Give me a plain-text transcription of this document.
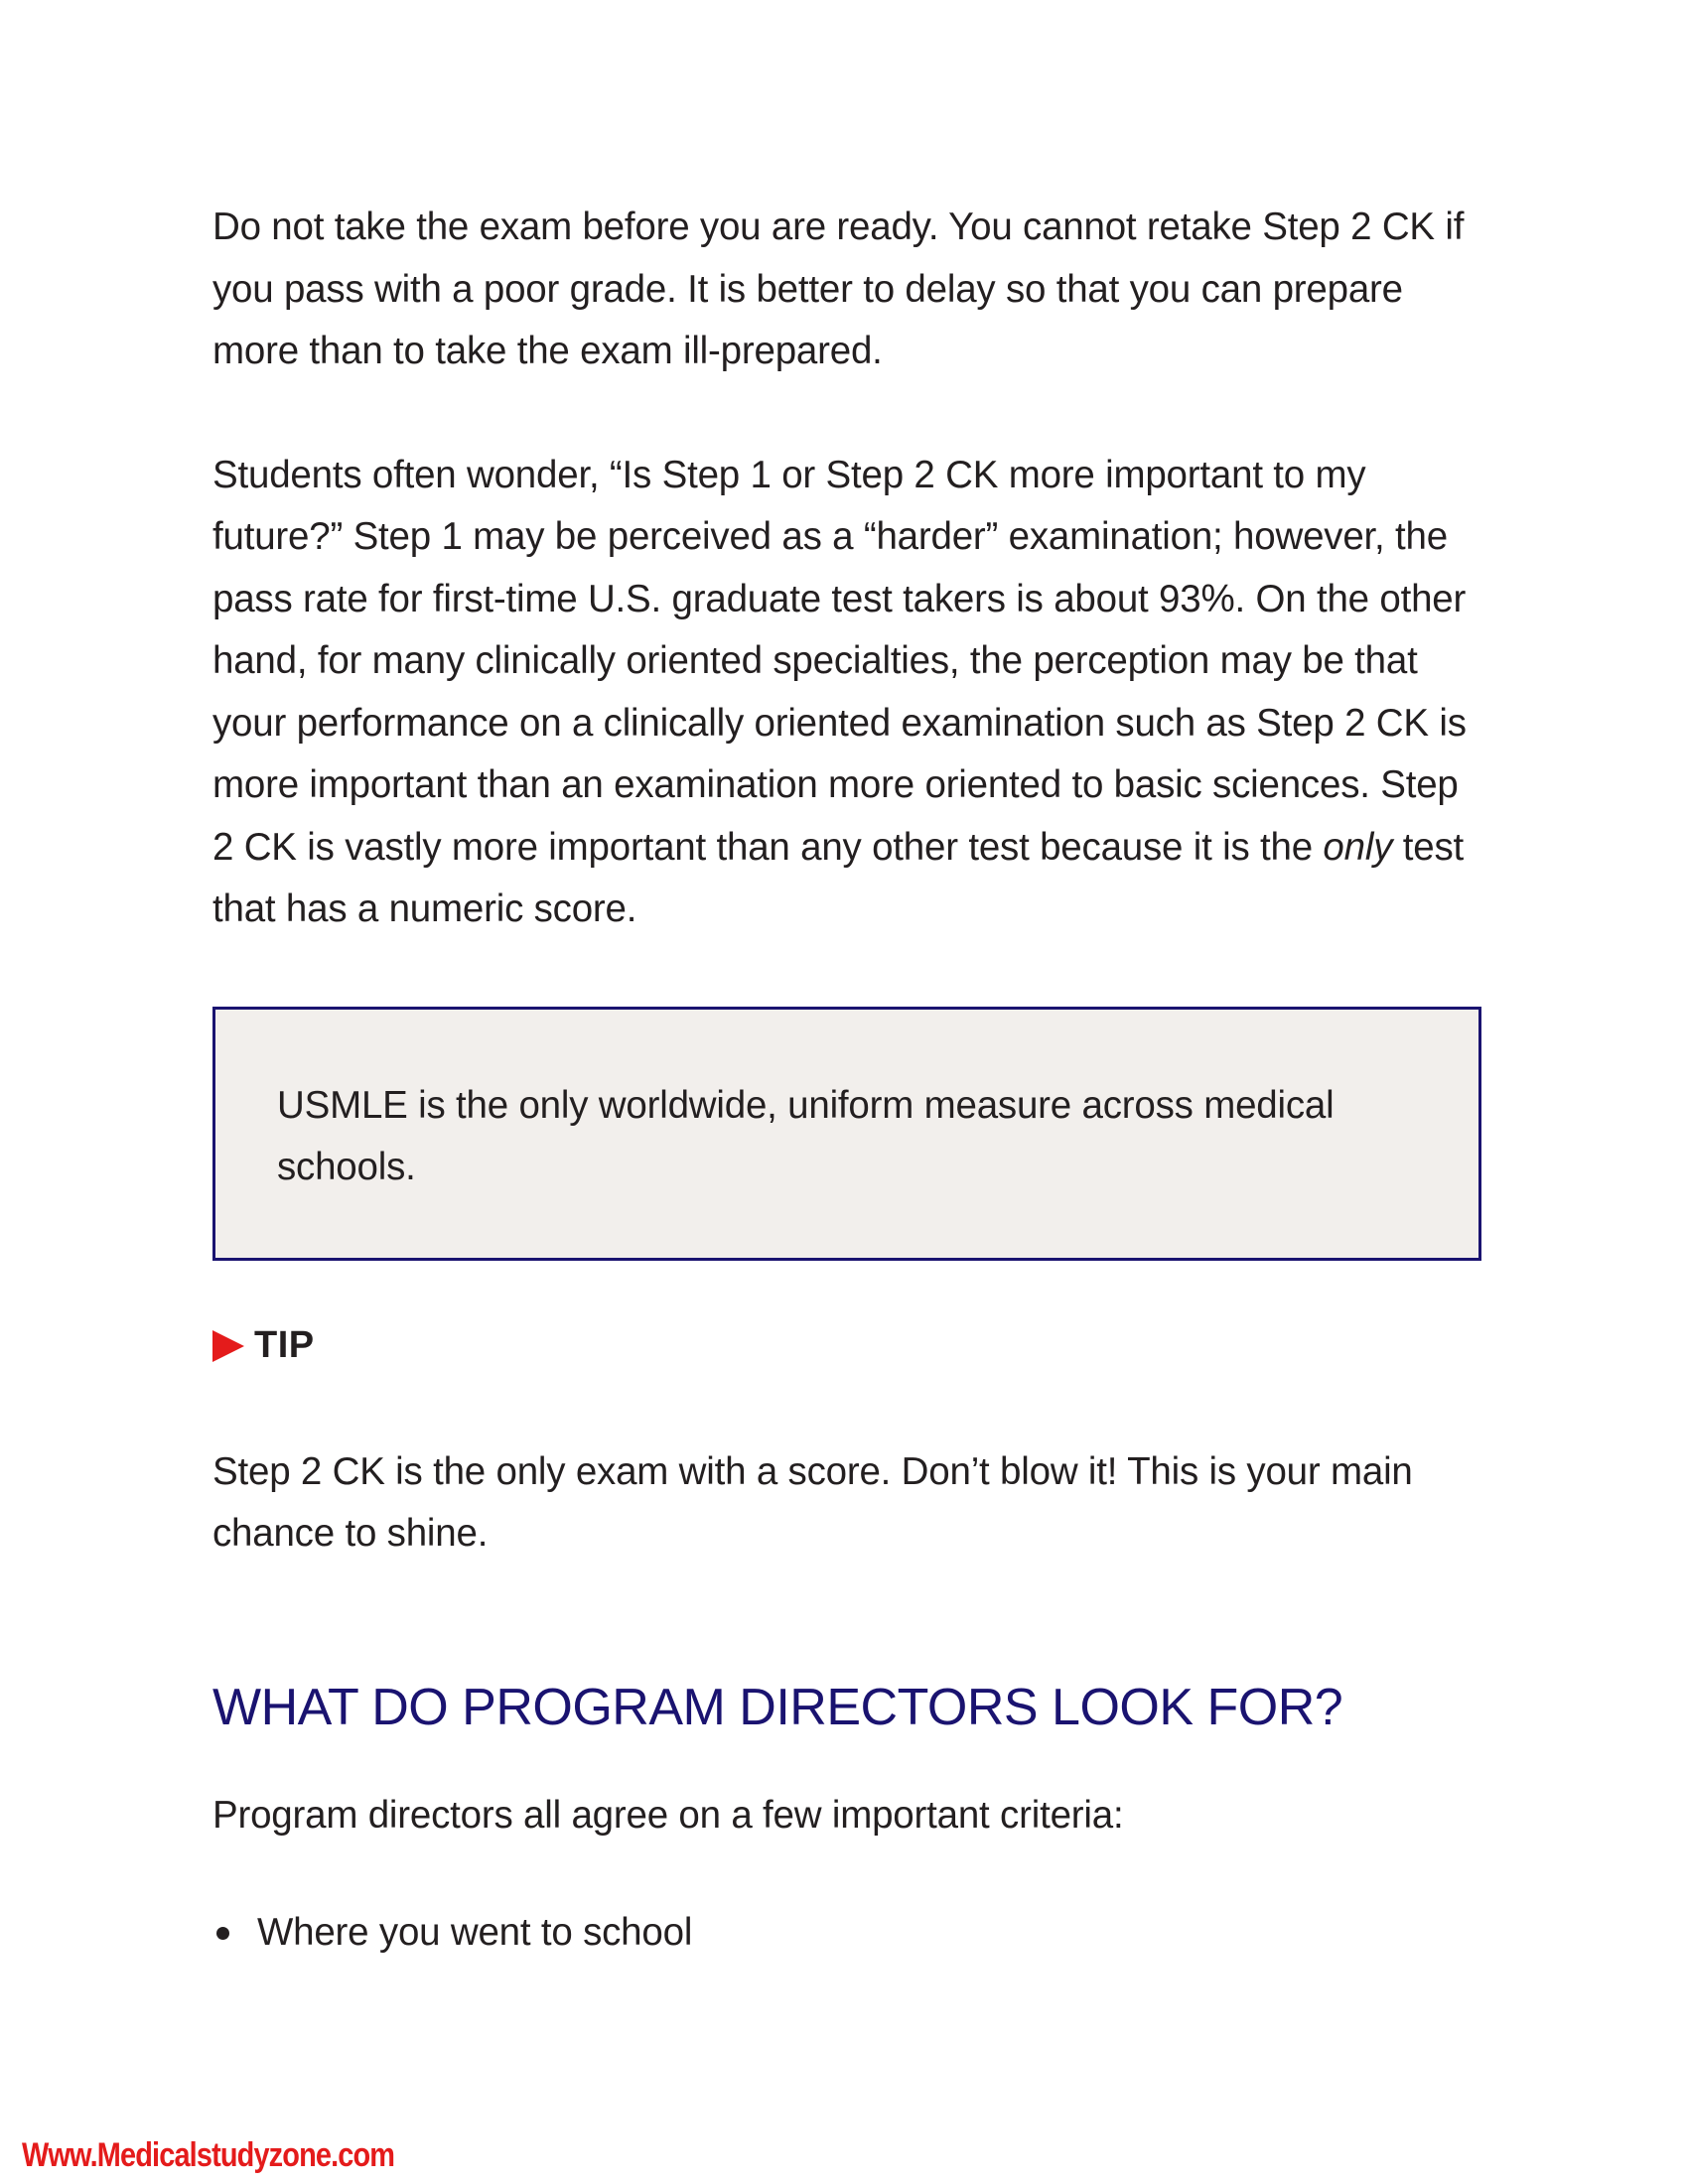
Do not take the exam before you are ready. You cannot retake Step 2 CK if you pass with a poor grade. It is better to delay so that you can prepare more than to take the exam ill-prepared.

Students often wonder, “Is Step 1 or Step 2 CK more important to my future?” Step 1 may be perceived as a “harder” examination; however, the pass rate for first-time U.S. graduate test takers is about 93%. On the other hand, for many clinically oriented specialties, the perception may be that your performance on a clinically oriented examination such as Step 2 CK is more important than an examination more oriented to basic sciences. Step 2 CK is vastly more important than any other test because it is the only test that has a numeric score.

USMLE is the only worldwide, uniform measure across medical schools.

TIP

Step 2 CK is the only exam with a score. Don’t blow it! This is your main chance to shine.

WHAT DO PROGRAM DIRECTORS LOOK FOR?

Program directors all agree on a few important criteria:

Where you went to school
Www.Medicalstudyzone.com
